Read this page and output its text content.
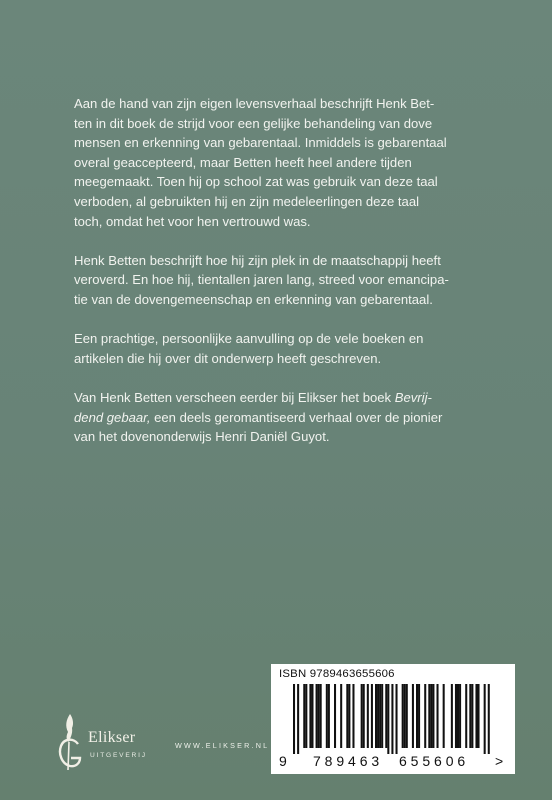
Aan de hand van zijn eigen levensverhaal beschrijft Henk Bet-
ten in dit boek de strijd voor een gelijke behandeling van dove
mensen en erkenning van gebarentaal. Inmiddels is gebarentaal
overal geaccepteerd, maar Betten heeft heel andere tijden
meegemaakt. Toen hij op school zat was gebruik van deze taal
verboden, al gebruikten hij en zijn medeleerlingen deze taal
toch, omdat het voor hen vertrouwd was.

Henk Betten beschrijft hoe hij zijn plek in de maatschappij heeft
veroverd. En hoe hij, tientallen jaren lang, streed voor emancipa-
tie van de dovengemeenschap en erkenning van gebarentaal.

Een prachtige, persoonlijke aanvulling op de vele boeken en
artikelen die hij over dit onderwerp heeft geschreven.

Van Henk Betten verscheen eerder bij Elikser het boek Bevrij-
dend gebaar, een deels geromantiseerd verhaal over de pionier
van het dovenonderwijs Henri Daniël Guyot.

ISBN 9789463655606
9 7 8 9 4 6 3 6 5 5 6 0 6 >
Elikser
UITGEVERIJ
WWW.ELIKSER.NL
